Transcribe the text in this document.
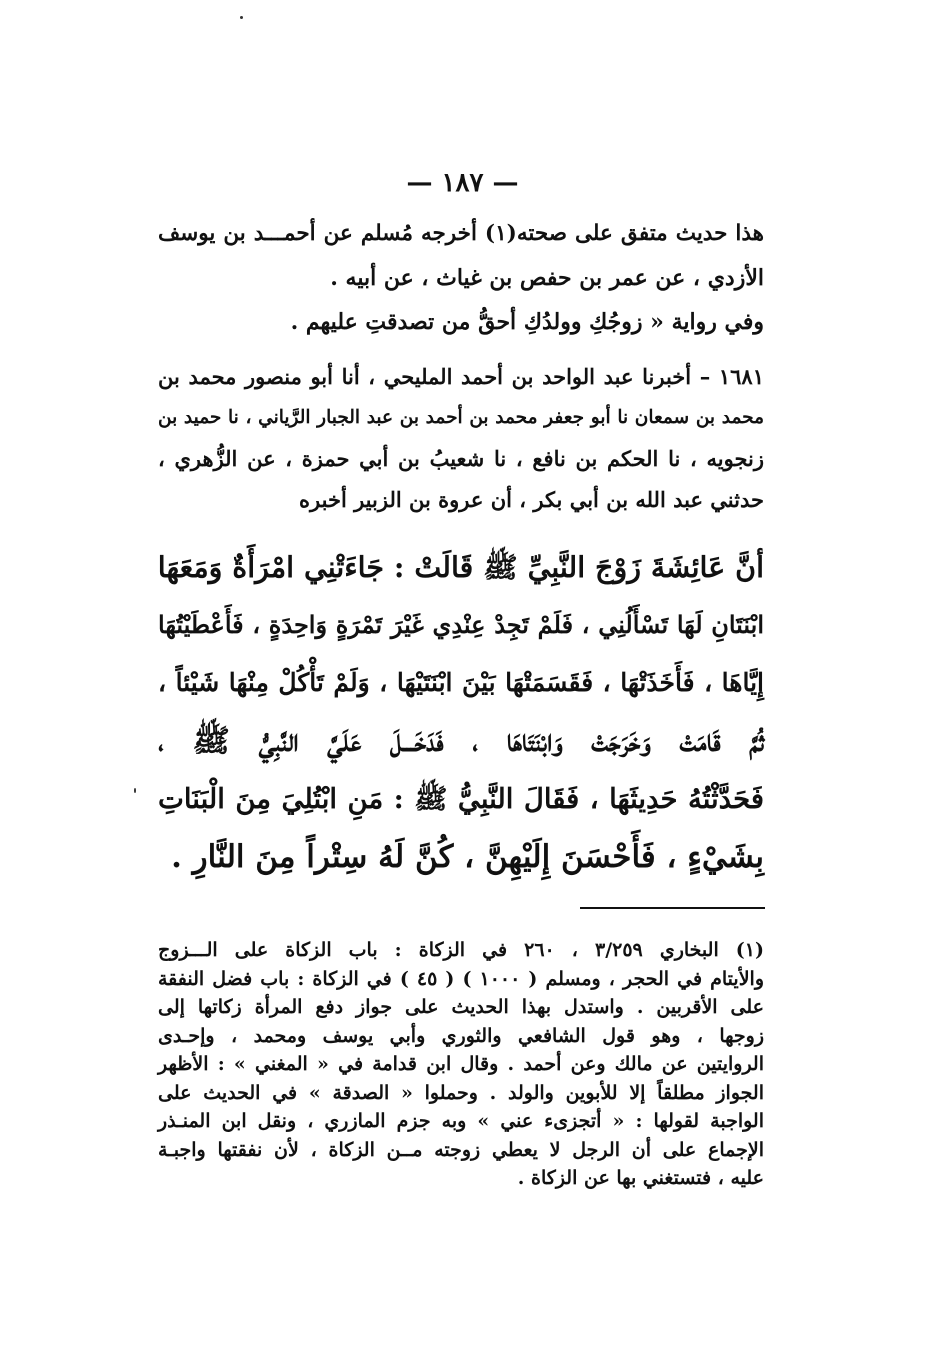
— ١٨٧ —
هذا حديث متفق على صحته(١) أخرجه مُسلم عن أحمـــد بن يوسف
الأزدي ، عن عمر بن حفص بن غياث ، عن أبيه .
وفي رواية « زوجُكِ وولدُكِ أحقُّ من تصدقتِ عليهم .
١٦٨١ – أخبرنا عبد الواحد بن أحمد المليحي ، أنا أبو منصور محمد بن
محمد بن سمعان نا أبو جعفر محمد بن أحمد بن عبد الجبار الرَّياني ، نا حميد بن
زنجويه ، نا الحكم بن نافع ، نا شعيبُ بن أبي حمزة ، عن الزُّهري ،
حدثني عبد الله بن أبي بكر ، أن عروة بن الزبير أخبره
أنَّ عَائِشَةَ زَوْجَ النَّبِيِّ ﷺ قَالَتْ : جَاءَتْنِي امْرَأَةٌ وَمَعَهَا
ابْنَتَانِ لَهَا تَسْأَلُنِي ، فَلَمْ تَجِدْ عِنْدِي غَيْرَ تَمْرَةٍ وَاحِدَةٍ ، فَأَعْطَيْتُهَا
إِيَّاهَا ، فَأَخَذَتْهَا ، فَقَسَمَتْهَا بَيْنَ ابْنَتَيْهَا ، وَلَمْ تَأْكُلْ مِنْهَا شَيْئاً ،
ثُمَّ قَامَتْ وَخَرَجَتْ وَابْنَتَاهَا ، فَدَخَـــلَ عَلَيَّ النَّبِيُّ ﷺ ،
فَحَدَّثْتُهُ حَدِيثَهَا ، فَقَالَ النَّبِيُّ ﷺ : مَنِ ابْتُلِيَ مِنَ الْبَنَاتِ
بِشَيْءٍ ، فَأَحْسَنَ إِلَيْهِنَّ ، كُنَّ لَهُ سِتْراً مِنَ النَّارِ .
(١) البخاري ٣/٢٥٩ ، ٢٦٠ في الزكاة : باب الزكاة على الـــزوج
والأيتام في الحجر ، ومسلم ( ١٠٠٠ ) ( ٤٥ ) في الزكاة : باب فضل النفقة
على الأقربين . واستدل بهذا الحديث على جواز دفع المرأة زكاتها إلى
زوجها ، وهو قول الشافعي والثوري وأبي يوسف ومحمد ، وإحـدى
الروايتين عن مالك وعن أحمد . وقال ابن قدامة في « المغني » : الأظهر
الجواز مطلقاً إلا للأبوين والولد . وحملوا « الصدقة » في الحديث على
الواجبة لقولها : « أتجزىء عني » وبه جزم المازري ، ونقل ابن المنـذر
الإجماع على أن الرجل لا يعطي زوجته مــن الزكاة ، لأن نفقتها واجبـة
عليه ، فتستغني بها عن الزكاة .
